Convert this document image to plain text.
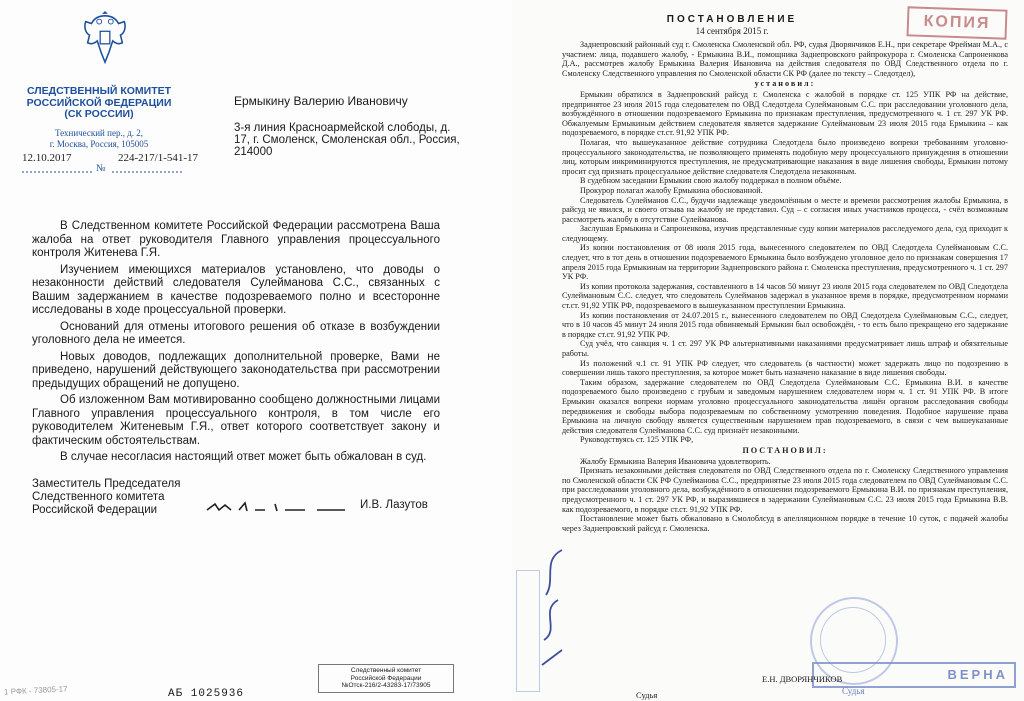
СЛЕДСТВЕННЫЙ КОМИТЕТ
РОССИЙСКОЙ ФЕДЕРАЦИИ
(СК РОССИИ)
Технический пер., д. 2,
г. Москва, Россия, 105005
12.10.2017	224-217/1-541-17
№
Ермыкину Валерию Ивановичу
3-я линия Красноармейской слободы, д. 17, г. Смоленск, Смоленская обл., Россия, 214000

В Следственном комитете Российской Федерации рассмотрена Ваша жалоба на ответ руководителя Главного управления процессуального контроля Житенева Г.Я.

Изучением имеющихся материалов установлено, что доводы о незаконности действий следователя Сулейманова С.С., связанных с Вашим задержанием в качестве подозреваемого полно и всесторонне исследованы в ходе процессуальной проверки.

Оснований для отмены итогового решения об отказе в возбуждении уголовного дела не имеется.

Новых доводов, подлежащих дополнительной проверке, Вами не приведено, нарушений действующего законодательства при рассмотрении предыдущих обращений не допущено.

Об изложенном Вам мотивированно сообщено должностными лицами Главного управления процессуального контроля, в том числе его руководителем Житеневым Г.Я., ответ которого соответствует закону и фактическим обстоятельствам.

В случае несогласия настоящий ответ может быть обжалован в суд.

Заместитель Председателя
Следственного комитета
Российской Федерации	И.В. Лазутов
Следственный комитет
Российской Федерации
№Отск-216/2-43283-17/73905
АБ 1025936
1 РФК - 73805-17
ПОСТАНОВЛЕНИЕ
14 сентября 2015 г.	КОПИЯ

Заднепровский районный суд г. Смоленска Смоленской обл. РФ, судья Дворянчиков Е.Н., при секретаре Фрейман М.А., с участием: лица, подавшего жалобу, - Ермыкина В.И., помощника Заднепровского райпрокурора г. Смоленска Сапроненкова Д.А., рассмотрев жалобу Ермыкина Валерия Ивановича на действия следователя по ОВД Следственного отдела по г. Смоленску Следственного управления по Смоленской области СК РФ (далее по тексту – Следотдел),

установил:

Ермыкин обратился в Заднепровский райсуд г. Смоленска с жалобой в порядке ст. 125 УПК РФ на действие, предпринятое 23 июля 2015 года следователем по ОВД Следотдела Сулеймановым С.С. при расследовании уголовного дела, возбуждённого в отношении подозреваемого Ермыкина по признакам преступления, предусмотренного ч. 1 ст. 297 УК РФ. Обжалуемым Ермыкиным действием следователя является задержание Сулеймановым 23 июля 2015 года Ермыкина – как подозреваемого, в порядке ст.ст. 91,92 УПК РФ.

Полагая, что вышеуказанное действие сотрудника Следотдела было произведено вопреки требованиям уголовно-процессуального законодательства, не позволяющего применять подобную меру процессуального принуждения в отношении лиц, которым инкриминируются преступления, не предусматривающие наказания в виде лишения свободы, Ермыкин потому просит суд признать процессуальное действие следователя Следотдела незаконным.

В судебном заседании Ермыкин свою жалобу поддержал в полном объёме.

Прокурор полагал жалобу Ермыкина обоснованной.

Следователь Сулейманов С.С., будучи надлежаще уведомлённым о месте и времени рассмотрения жалобы Ермыкина, в райсуд не явился, и своего отзыва на жалобу не представил. Суд – с согласия иных участников процесса, - счёл возможным рассмотреть жалобу в отсутствие Сулейманова.

Заслушав Ермыкина и Сапроненкова, изучив представленные суду копии материалов расследуемого дела, суд приходит к следующему.

Из копии постановления от 08 июля 2015 года, вынесенного следователем по ОВД Следотдела Сулеймановым С.С. следует, что в тот день в отношении подозреваемого Ермыкина было возбуждено уголовное дело по признакам совершения 17 апреля 2015 года Ермыкиным на территории Заднепровского района г. Смоленска преступления, предусмотренного ч. 1 ст. 297 УК РФ.

Из копии протокола задержания, составленного в 14 часов 50 минут 23 июля 2015 года следователем по ОВД Следотдела Сулеймановым С.С. следует, что следователь Сулейманов задержал в указанное время в порядке, предусмотренном нормами ст.ст. 91,92 УПК РФ, подозреваемого в вышеуказанном преступлении Ермыкина.

Из копии постановления от 24.07.2015 г., вынесенного следователем по ОВД Следотдела Сулеймановым С.С., следует, что в 10 часов 45 минут 24 июля 2015 года обвиняемый Ермыкин был освобождён, - то есть было прекращено его задержание в порядке ст.ст. 91,92 УПК РФ.

Суд учёл, что санкция ч. 1 ст. 297 УК РФ альтернативными наказаниями предусматривает лишь штраф и обязательные работы.

Из положений ч.1 ст. 91 УПК РФ следует, что следователь (в частности) может задержать лицо по подозрению в совершении лишь такого преступления, за которое может быть назначено наказание в виде лишения свободы.

Таким образом, задержание следователем по ОВД Следотдела Сулеймановым С.С. Ермыкина В.И. в качестве подозреваемого было произведено с грубым и заведомым нарушением следователем норм ч. 1 ст. 91 УПК РФ. В итоге Ермыкин оказался вопреки нормам уголовно процессуального законодательства лишён органом расследования свободы передвижения и свободы выбора подозреваемым по собственному усмотрению поведения. Подобное нарушение права Ермыкина на личную свободу является существенным нарушением прав подозреваемого, в связи с чем вышеуказанные действия следователя Сулейманова С.С. суд признаёт незаконными.

Руководствуясь ст. 125 УПК РФ,

ПОСТАНОВИЛ:

Жалобу Ермыкина Валерия Ивановича удовлетворить.

Признать незаконными действия следователя по ОВД Следственного отдела по г. Смоленску Следственного управления по Смоленской области СК РФ Сулейманова С.С., предпринятые 23 июля 2015 года следователем по ОВД Сулеймановым С.С. при расследовании уголовного дела, возбуждённого в отношении подозреваемого Ермыкина В.И. по признакам преступления, предусмотренного ч. 1 ст. 297 УК РФ, и выразившиеся в задержании Сулеймановым С.С. 23 июля 2015 года Ермыкина В.В. как подозреваемого, в порядке ст.ст. 91,92 УПК РФ.

Постановление может быть обжаловано в Смолоблсуд в апелляционном порядке в течение 10 суток, с подачей жалобы через Заднепровский райсуд г. Смоленска.

ВЕРНА
Судья
Судья
Е.Н. ДВОРЯНЧИКОВ
